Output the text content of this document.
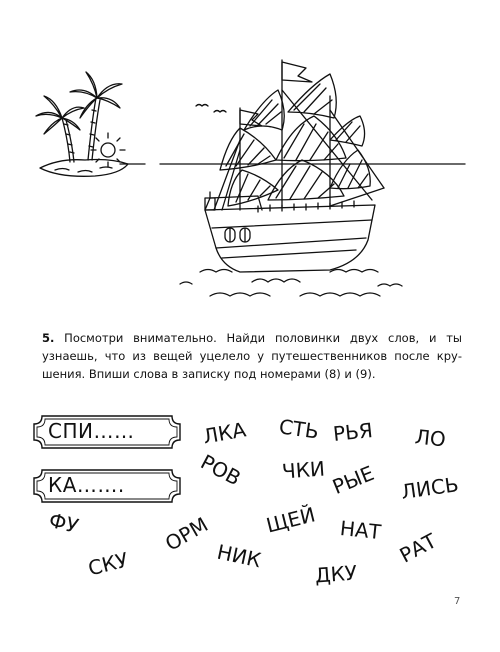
5. Посмотри внимательно. Найди половинки двух слов, и ты
узнаешь, что из вещей уцелело у путешественников после кру-
шения. Впиши слова в записку под номерами (8) и (9).
СПИ……
КА…….
ЛКА СТЬ РЬЯ ЛО
РОВ ЧКИ РЫЕ ЛИСЬ
ФУ	ОРМ	ЩЕЙ НАТ РАТ
СКУ	НИК
ДКУ
7
